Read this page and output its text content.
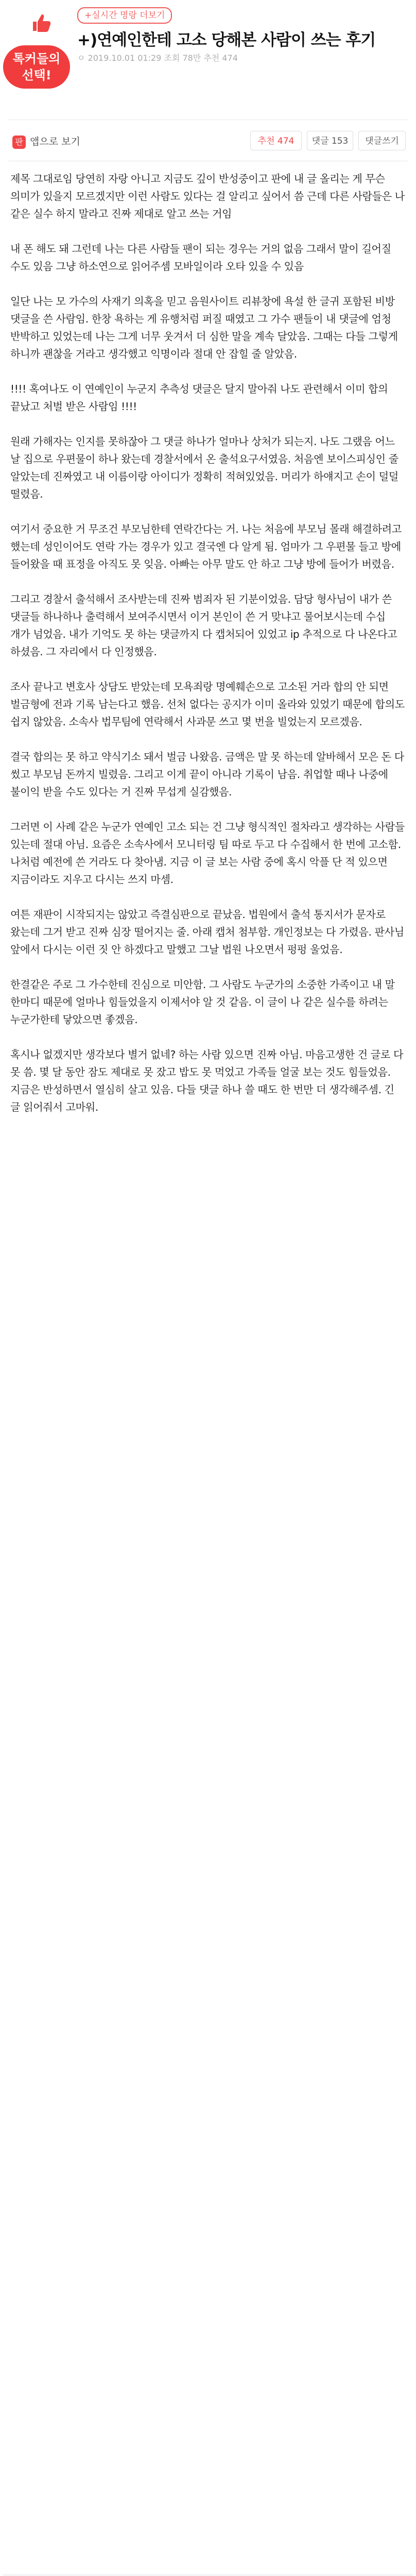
톡커들의
선택!
+실시간 명랑 더보기
+)연예인한테 고소 당해본 사람이 쓰는 후기
ㅇ 2019.10.01 01:29 조회 78만 추천 474
판 앱으로 보기	추천 474	댓글 153	댓글쓰기

제목 그대로임 당연히 자랑 아니고 지금도 깊이 반성중이고 판에 내 글 올리는 게 무슨 의미가 있을지 모르겠지만 이런 사람도 있다는 걸 알리고 싶어서 씀 근데 다른 사람들은 나 같은 실수 하지 말라고 진짜 제대로 알고 쓰는 거임

내 폰 해도 돼 그런데 나는 다른 사람들 팬이 되는 경우는 거의 없음 그래서 말이 길어질 수도 있음 그냥 하소연으로 읽어주셈 모바일이라 오타 있을 수 있음

일단 나는 모 가수의 사재기 의혹을 믿고 음원사이트 리뷰창에 욕설 한 글귀 포함된 비방 댓글을 쓴 사람임. 한창 욕하는 게 유행처럼 퍼질 때였고 그 가수 팬들이 내 댓글에 엄청 반박하고 있었는데 나는 그게 너무 웃겨서 더 심한 말을 계속 달았음. 그때는 다들 그렇게 하니까 괜찮을 거라고 생각했고 익명이라 절대 안 잡힐 줄 알았음.

!!!! 혹여나도 이 연예인이 누군지 추측성 댓글은 달지 말아줘 나도 관련해서 이미 합의 끝났고 처벌 받은 사람임 !!!!

원래 가해자는 인지를 못하잖아 그 댓글 하나가 얼마나 상처가 되는지. 나도 그랬음 어느 날 집으로 우편물이 하나 왔는데 경찰서에서 온 출석요구서였음. 처음엔 보이스피싱인 줄 알았는데 진짜였고 내 이름이랑 아이디가 정확히 적혀있었음. 머리가 하얘지고 손이 덜덜 떨렸음.

여기서 중요한 거 무조건 부모님한테 연락간다는 거. 나는 처음에 부모님 몰래 해결하려고 했는데 성인이어도 연락 가는 경우가 있고 결국엔 다 알게 됨. 엄마가 그 우편물 들고 방에 들어왔을 때 표정을 아직도 못 잊음. 아빠는 아무 말도 안 하고 그냥 방에 들어가 버렸음.

그리고 경찰서 출석해서 조사받는데 진짜 범죄자 된 기분이었음. 담당 형사님이 내가 쓴 댓글들 하나하나 출력해서 보여주시면서 이거 본인이 쓴 거 맞냐고 물어보시는데 수십 개가 넘었음. 내가 기억도 못 하는 댓글까지 다 캡처되어 있었고 ip 추적으로 다 나온다고 하셨음. 그 자리에서 다 인정했음.

조사 끝나고 변호사 상담도 받았는데 모욕죄랑 명예훼손으로 고소된 거라 합의 안 되면 벌금형에 전과 기록 남는다고 했음. 선처 없다는 공지가 이미 올라와 있었기 때문에 합의도 쉽지 않았음. 소속사 법무팀에 연락해서 사과문 쓰고 몇 번을 빌었는지 모르겠음.

결국 합의는 못 하고 약식기소 돼서 벌금 나왔음. 금액은 말 못 하는데 알바해서 모은 돈 다 썼고 부모님 돈까지 빌렸음. 그리고 이게 끝이 아니라 기록이 남음. 취업할 때나 나중에 불이익 받을 수도 있다는 거 진짜 무섭게 실감했음.

그러면 이 사례 같은 누군가 연예인 고소 되는 건 그냥 형식적인 절차라고 생각하는 사람들 있는데 절대 아님. 요즘은 소속사에서 모니터링 팀 따로 두고 다 수집해서 한 번에 고소함. 나처럼 예전에 쓴 거라도 다 찾아냄. 지금 이 글 보는 사람 중에 혹시 악플 단 적 있으면 지금이라도 지우고 다시는 쓰지 마셈.

여튼 재판이 시작되지는 않았고 즉결심판으로 끝났음. 법원에서 출석 통지서가 문자로 왔는데 그거 받고 진짜 심장 떨어지는 줄. 아래 캡처 첨부함. 개인정보는 다 가렸음. 판사님 앞에서 다시는 이런 짓 안 하겠다고 말했고 그날 법원 나오면서 펑펑 울었음.

한결같은 주로 그 가수한테 진심으로 미안함. 그 사람도 누군가의 소중한 가족이고 내 말 한마디 때문에 얼마나 힘들었을지 이제서야 알 것 같음. 이 글이 나 같은 실수를 하려는 누군가한테 닿았으면 좋겠음.

혹시나 없겠지만 생각보다 별거 없네? 하는 사람 있으면 진짜 아님. 마음고생한 건 글로 다 못 씀. 몇 달 동안 잠도 제대로 못 잤고 밥도 못 먹었고 가족들 얼굴 보는 것도 힘들었음. 지금은 반성하면서 열심히 살고 있음. 다들 댓글 하나 쓸 때도 한 번만 더 생각해주셈. 긴 글 읽어줘서 고마워.
